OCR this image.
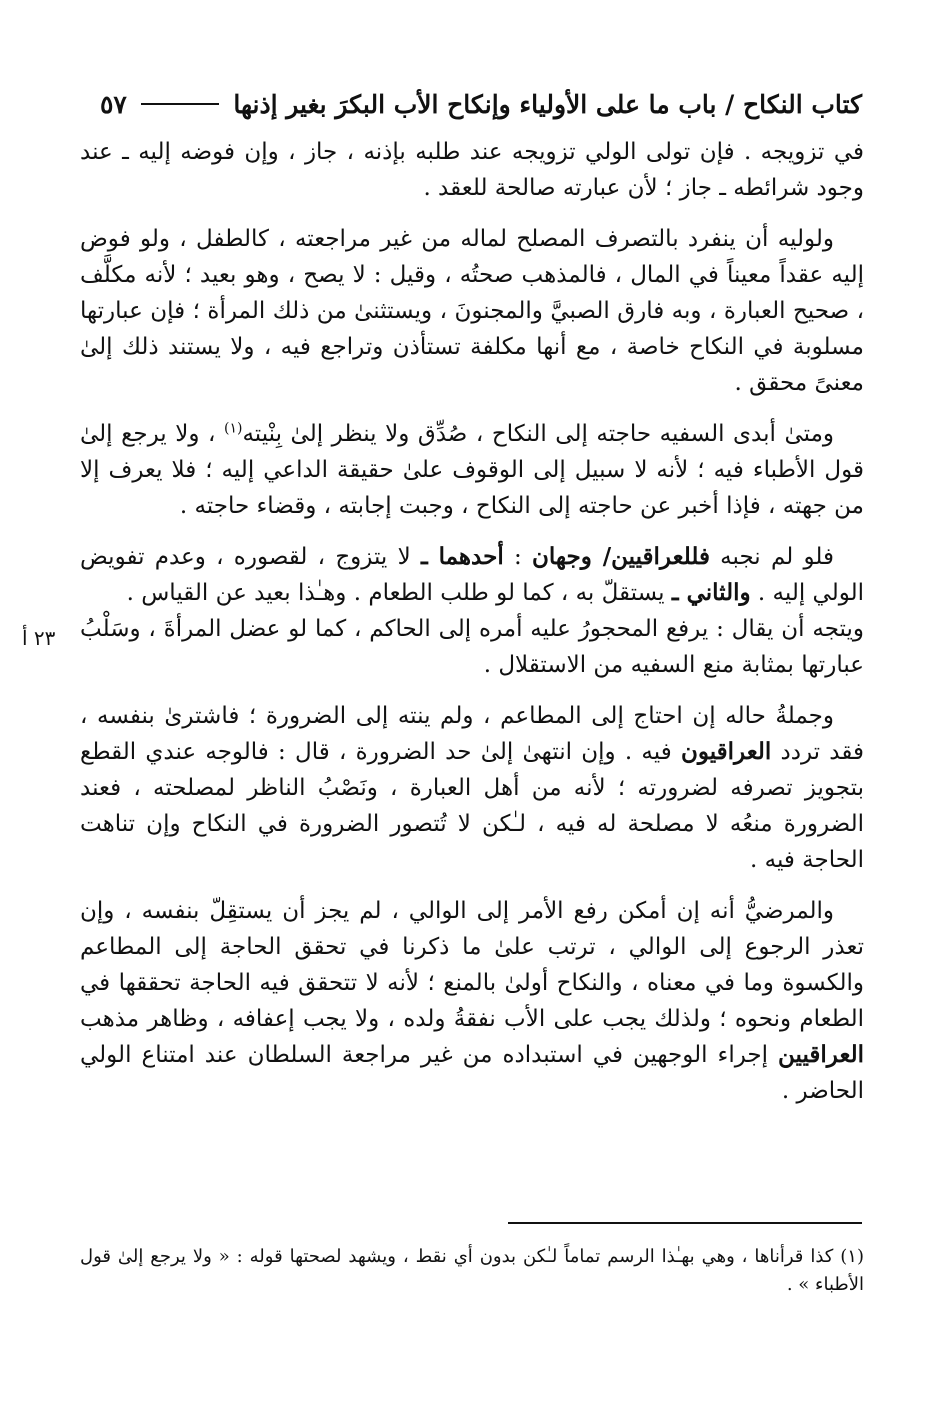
كتاب النكاح / باب ما على الأولياء وإنكاح الأب البكرَ بغير إذنها
٥٧
٢٣ أ

في تزويجه . فإن تولى الولي تزويجه عند طلبه بإذنه ، جاز ، وإن فوضه إليه ـ عند وجود شرائطه ـ جاز ؛ لأن عبارته صالحة للعقد .

ولوليه أن ينفرد بالتصرف المصلح لماله من غير مراجعته ، كالطفل ، ولو فوض إليه عقداً معيناً في المال ، فالمذهب صحتُه ، وقيل : لا يصح ، وهو بعيد ؛ لأنه مكلَّف ، صحيح العبارة ، وبه فارق الصبيَّ والمجنونَ ، ويستثنىٰ من ذلك المرأة ؛ فإن عبارتها مسلوبة في النكاح خاصة ، مع أنها مكلفة تستأذن وتراجع فيه ، ولا يستند ذلك إلىٰ معنىً محقق .

ومتىٰ أبدى السفيه حاجته إلى النكاح ، صُدِّق ولا ينظر إلىٰ بِنْيته$^{(١)}$ ، ولا يرجع إلىٰ قول الأطباء فيه ؛ لأنه لا سبيل إلى الوقوف علىٰ حقيقة الداعي إليه ؛ فلا يعرف إلا من جهته ، فإذا أخبر عن حاجته إلى النكاح ، وجبت إجابته ، وقضاء حاجته .

فلو لم نجبه فللعراقيين/ وجهان : أحدهما ـ لا يتزوج ، لقصوره ، وعدم تفويض الولي إليه . والثاني ـ يستقلّ به ، كما لو طلب الطعام . وهـٰذا بعيد عن القياس .
ويتجه أن يقال : يرفع المحجورُ عليه أمره إلى الحاكم ، كما لو عضل المرأةَ ، وسَلْبُ عبارتها بمثابة منع السفيه من الاستقلال .

وجملةُ حاله إن احتاج إلى المطاعم ، ولم ينته إلى الضرورة ؛ فاشترىٰ بنفسه ، فقد تردد العراقيون فيه . وإن انتهىٰ إلىٰ حد الضرورة ، قال : فالوجه عندي القطع بتجويز تصرفه لضرورته ؛ لأنه من أهل العبارة ، ونَصْبُ الناظر لمصلحته ، فعند الضرورة منعُه لا مصلحة له فيه ، لـٰكن لا تُتصور الضرورة في النكاح وإن تناهت الحاجة فيه .

والمرضيُّ أنه إن أمكن رفع الأمر إلى الوالي ، لم يجز أن يستقِلّ بنفسه ، وإن تعذر الرجوع إلى الوالي ، ترتب علىٰ ما ذكرنا في تحقق الحاجة إلى المطاعم والكسوة وما في معناه ، والنكاح أولىٰ بالمنع ؛ لأنه لا تتحقق فيه الحاجة تحققها في الطعام ونحوه ؛ ولذلك يجب على الأب نفقةُ ولده ، ولا يجب إعفافه ، وظاهر مذهب العراقيين إجراء الوجهين في استبداده من غير مراجعة السلطان عند امتناع الولي الحاضر .

(١) كذا قرأناها ، وهي بهـٰذا الرسم تماماً لـٰكن بدون أي نقط ، ويشهد لصحتها قوله : « ولا يرجع إلىٰ قول الأطباء » .
